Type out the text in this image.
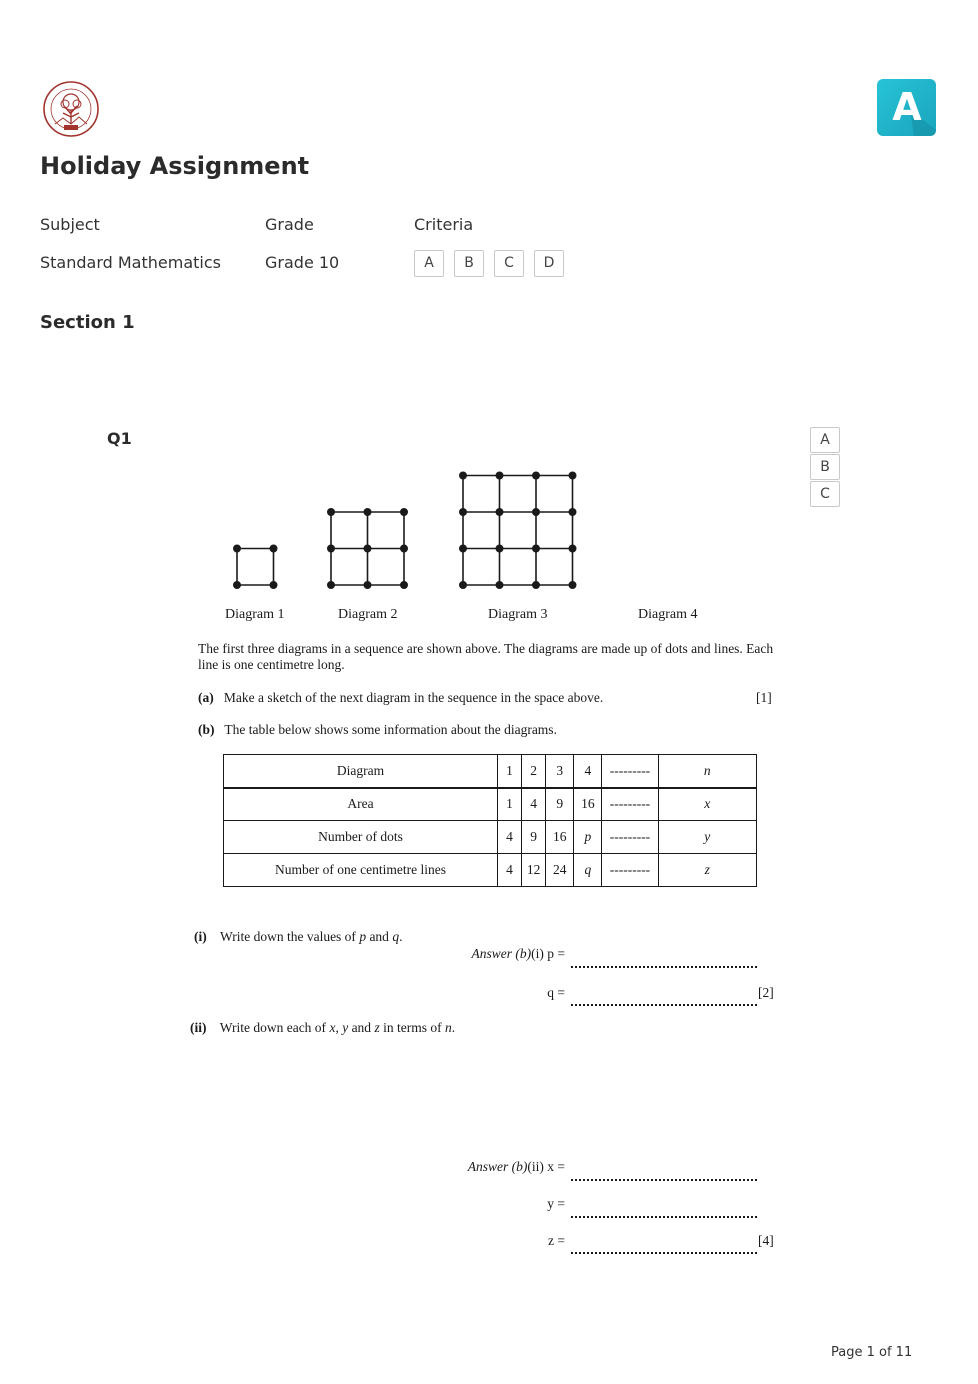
A
Holiday Assignment
Subject	Grade	Criteria
Standard Mathematics	Grade 10	A	B	C	D
Section 1
Q1	A
B
C
Diagram 1	Diagram 2	Diagram 3	Diagram 4
The first three diagrams in a sequence are shown above. The diagrams are made up of dots and lines. Each line is one centimetre long.
(a) Make a sketch of the next diagram in the sequence in the space above.	[1]
(b) The table below shows some information about the diagrams.
Diagram	1	2	3	4	---------	n
Area	1	4	9	16	---------	x
Number of dots	4	9	16	p	---------	y
Number of one centimetre lines	4	12	24	q	---------	z
(i) Write down the values of p and q.
Answer (b)(i) p =
q =	[2]
(ii) Write down each of x, y and z in terms of n.
Answer (b)(ii) x =
y =
z =	[4]
Page 1 of 11
